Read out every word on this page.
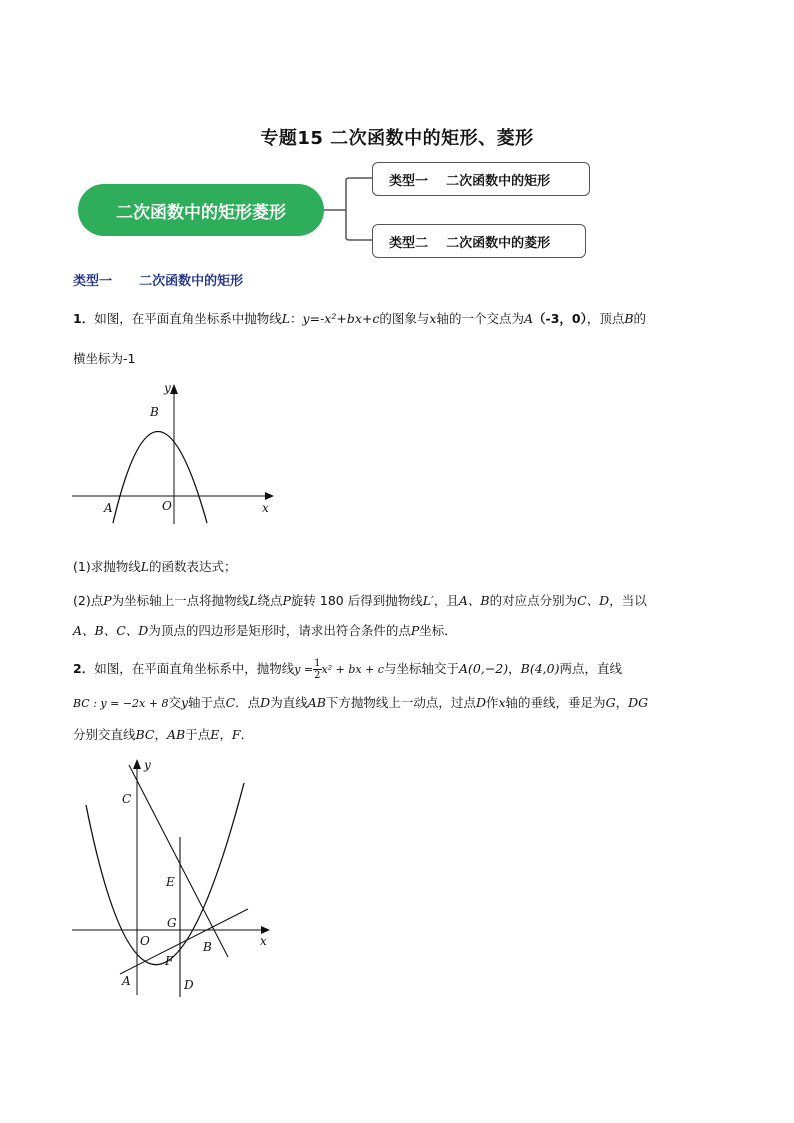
专题15 二次函数中的矩形、菱形
二次函数中的矩形菱形
类型一    二次函数中的矩形
类型二    二次函数中的菱形
类型一      二次函数中的矩形
1．如图，在平面直角坐标系中抛物线L：y=-x²+bx+c的图象与x轴的一个交点为A（-3，0），顶点B的
横坐标为-1
y
B
A	O	x
(1)求抛物线L的函数表达式；
(2)点P为坐标轴上一点将抛物线L绕点P旋转 180 后得到抛物线L′，且A、B的对应点分别为C、D，当以
A、B、C、D为顶点的四边形是矩形时，请求出符合条件的点P坐标．
2．如图，在平面直角坐标系中，抛物线$y = \frac{1}{2} x^2$ + bx + c与坐标轴交于A(0,−2)，B(4,0)两点，直线
BC : y = −2x + 8交y轴于点C．点D为直线AB下方抛物线上一动点，过点D作x轴的垂线，垂足为G，DG
分别交直线BC，AB于点E，F．
y
C
E
G
O	B	x
F
A	D
